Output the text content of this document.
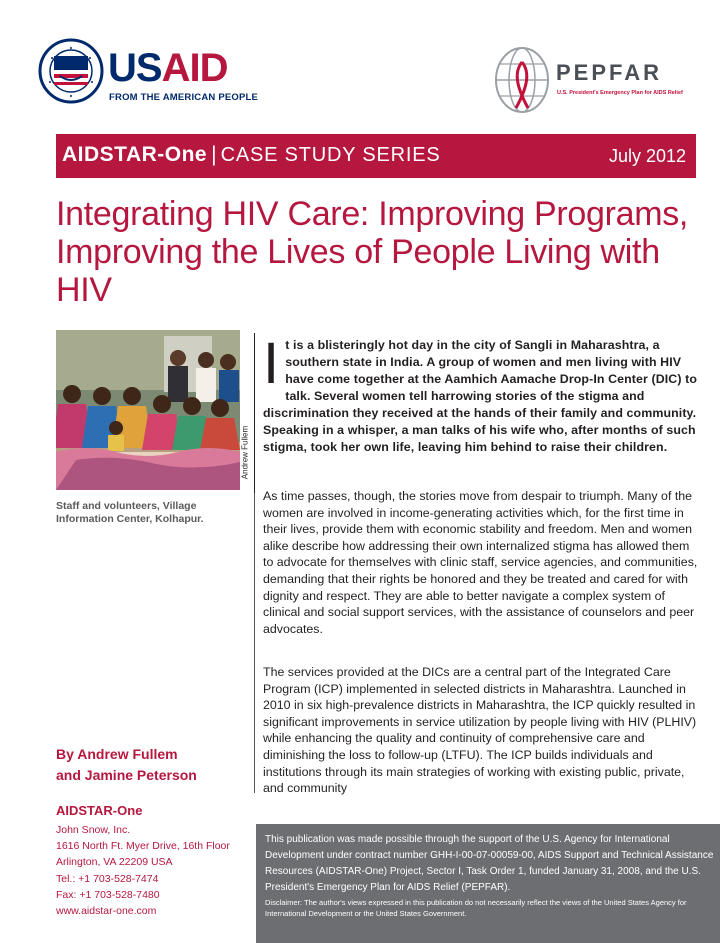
USAID
FROM THE AMERICAN PEOPLE
PEPFAR
U.S. President's Emergency Plan for AIDS Relief
AIDSTAR-One | CASE STUDY SERIES	July 2012
Integrating HIV Care: Improving Programs, Improving the Lives of People Living with HIV
Andrew Fullem
Staff and volunteers, Village Information Center, Kolhapur.
It is a blisteringly hot day in the city of Sangli in Maharashtra, a southern state in India. A group of women and men living with HIV have come together at the Aamhich Aamache Drop-In Center (DIC) to talk. Several women tell harrowing stories of the stigma and discrimination they received at the hands of their family and community. Speaking in a whisper, a man talks of his wife who, after months of such stigma, took her own life, leaving him behind to raise their children.
As time passes, though, the stories move from despair to triumph. Many of the women are involved in income-generating activities which, for the first time in their lives, provide them with economic stability and freedom. Men and women alike describe how addressing their own internalized stigma has allowed them to advocate for themselves with clinic staff, service agencies, and communities, demanding that their rights be honored and they be treated and cared for with dignity and respect. They are able to better navigate a complex system of clinical and social support services, with the assistance of counselors and peer advocates.
The services provided at the DICs are a central part of the Integrated Care Program (ICP) implemented in selected districts in Maharashtra. Launched in 2010 in six high-prevalence districts in Maharashtra, the ICP quickly resulted in significant improvements in service utilization by people living with HIV (PLHIV) while enhancing the quality and continuity of comprehensive care and diminishing the loss to follow-up (LTFU). The ICP builds individuals and institutions through its main strategies of working with existing public, private, and community
By Andrew Fullem
and Jamine Peterson
AIDSTAR-One
John Snow, Inc.
1616 North Ft. Myer Drive, 16th Floor
Arlington, VA 22209 USA
Tel.: +1 703-528-7474
Fax: +1 703-528-7480
www.aidstar-one.com
This publication was made possible through the support of the U.S. Agency for International Development under contract number GHH-I-00-07-00059-00, AIDS Support and Technical Assistance Resources (AIDSTAR-One) Project, Sector I, Task Order 1, funded January 31, 2008, and the U.S. President's Emergency Plan for AIDS Relief (PEPFAR).
Disclaimer: The author's views expressed in this publication do not necessarily reflect the views of the United States Agency for International Development or the United States Government.
